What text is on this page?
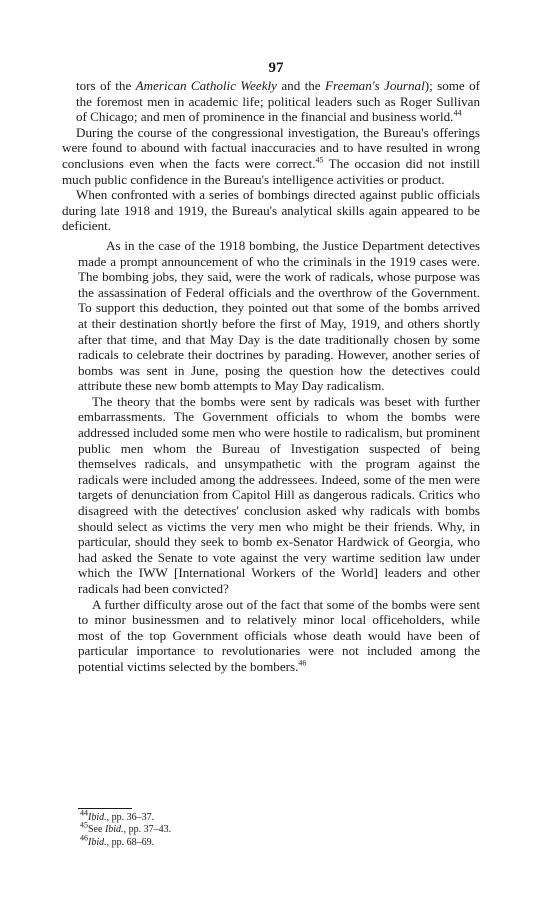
97

tors of the American Catholic Weekly and the Freeman's Journal); some of the foremost men in academic life; political leaders such as Roger Sullivan of Chicago; and men of prominence in the financial and business world.$^{44}$

During the course of the congressional investigation, the Bureau's offerings were found to abound with factual inaccuracies and to have resulted in wrong conclusions even when the facts were correct.$^{45}$ The occasion did not instill much public confidence in the Bureau's intelligence activities or product.

When confronted with a series of bombings directed against public officials during late 1918 and 1919, the Bureau's analytical skills again appeared to be deficient.

As in the case of the 1918 bombing, the Justice Department detectives made a prompt announcement of who the criminals in the 1919 cases were. The bombing jobs, they said, were the work of radicals, whose purpose was the assassination of Federal officials and the overthrow of the Government. To support this deduction, they pointed out that some of the bombs arrived at their destination shortly before the first of May, 1919, and others shortly after that time, and that May Day is the date traditionally chosen by some radicals to celebrate their doctrines by parading. However, another series of bombs was sent in June, posing the question how the detectives could attribute these new bomb attempts to May Day radicalism.

The theory that the bombs were sent by radicals was beset with further embarrassments. The Government officials to whom the bombs were addressed included some men who were hostile to radicalism, but prominent public men whom the Bureau of Investigation suspected of being themselves radicals, and unsympathetic with the program against the radicals were included among the addressees. Indeed, some of the men were targets of denunciation from Capitol Hill as dangerous radicals. Critics who disagreed with the detectives' conclusion asked why radicals with bombs should select as victims the very men who might be their friends. Why, in particular, should they seek to bomb ex-Senator Hardwick of Georgia, who had asked the Senate to vote against the very wartime sedition law under which the IWW [International Workers of the World] leaders and other radicals had been convicted?

A further difficulty arose out of the fact that some of the bombs were sent to minor businessmen and to relatively minor local officeholders, while most of the top Government officials whose death would have been of particular importance to revolutionaries were not included among the potential victims selected by the bombers.$^{46}$

$^{44}$Ibid., pp. 36–37.

$^{45}$See Ibid., pp. 37–43.

$^{46}$Ibid., pp. 68–69.
